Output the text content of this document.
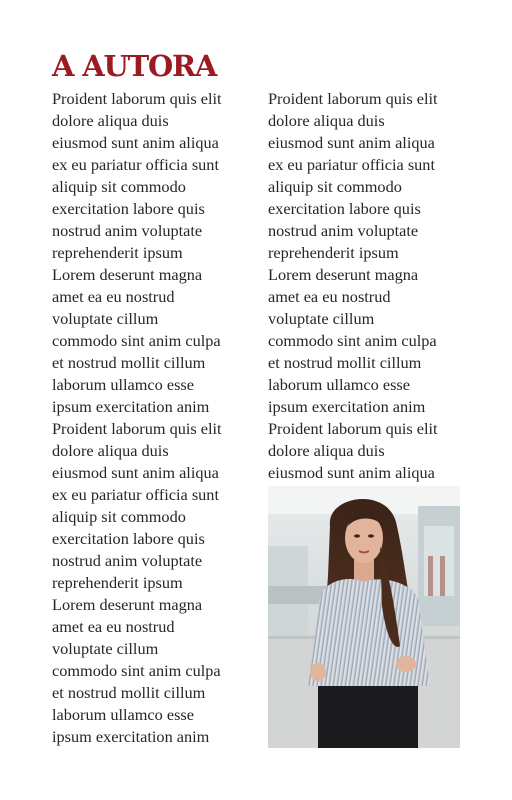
A AUTORA
Proident laborum quis elit
dolore aliqua duis
eiusmod sunt anim aliqua
ex eu pariatur officia sunt
aliquip sit commodo
exercitation labore quis
nostrud anim voluptate
reprehenderit ipsum
Lorem deserunt magna
amet ea eu nostrud
voluptate cillum
commodo sint anim culpa
et nostrud mollit cillum
laborum ullamco esse
ipsum exercitation anim
Proident laborum quis elit
dolore aliqua duis
eiusmod sunt anim aliqua
ex eu pariatur officia sunt
aliquip sit commodo
exercitation labore quis
nostrud anim voluptate
reprehenderit ipsum
Lorem deserunt magna
amet ea eu nostrud
voluptate cillum
commodo sint anim culpa
et nostrud mollit cillum
laborum ullamco esse
ipsum exercitation anim
Proident laborum quis elit
dolore aliqua duis
eiusmod sunt anim aliqua
ex eu pariatur officia sunt
aliquip sit commodo
exercitation labore quis
nostrud anim voluptate
reprehenderit ipsum
Lorem deserunt magna
amet ea eu nostrud
voluptate cillum
commodo sint anim culpa
et nostrud mollit cillum
laborum ullamco esse
ipsum exercitation anim
Proident laborum quis elit
dolore aliqua duis
eiusmod sunt anim aliqua
